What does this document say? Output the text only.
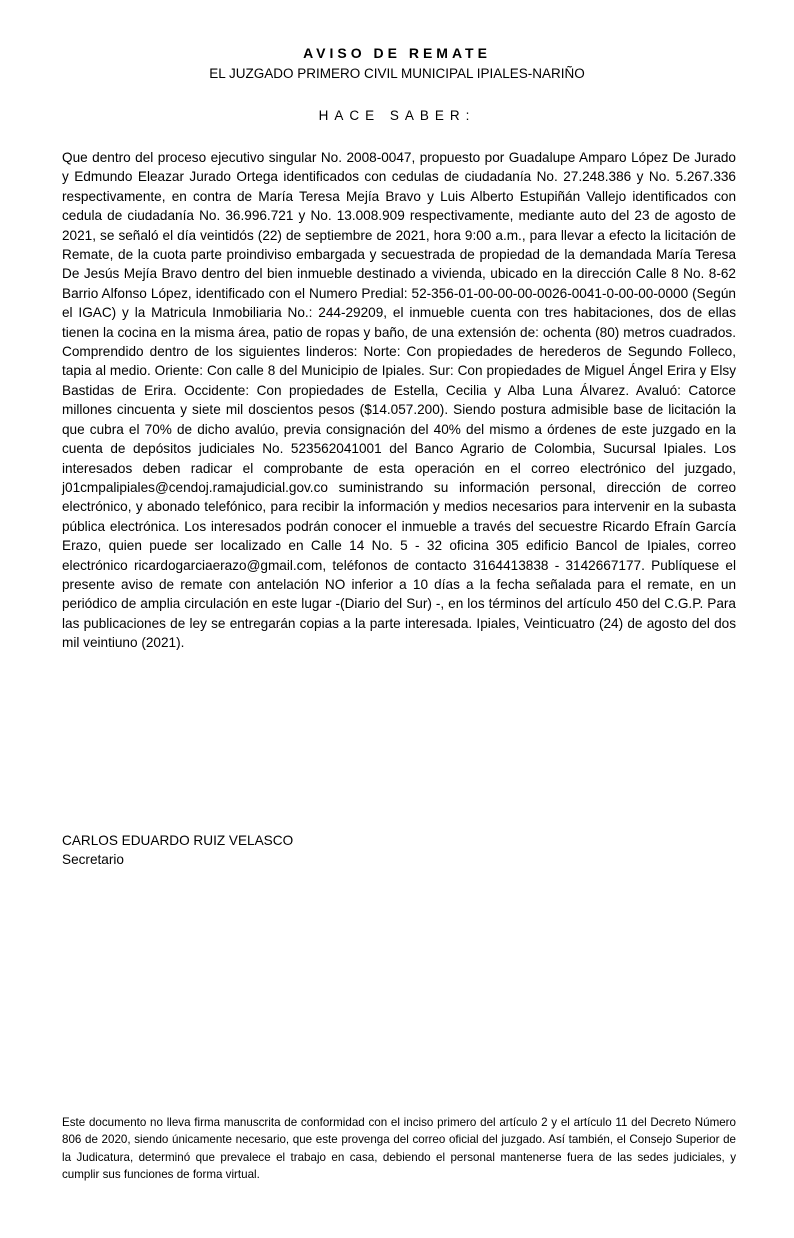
AVISO DE REMATE
EL JUZGADO PRIMERO CIVIL MUNICIPAL IPIALES-NARIÑO
HACE SABER:

Que dentro del proceso ejecutivo singular No. 2008-0047, propuesto por Guadalupe Amparo López De Jurado y Edmundo Eleazar Jurado Ortega identificados con cedulas de ciudadanía No. 27.248.386 y No. 5.267.336 respectivamente, en contra de María Teresa Mejía Bravo y Luis Alberto Estupiñán Vallejo identificados con cedula de ciudadanía No. 36.996.721 y No. 13.008.909 respectivamente, mediante auto del 23 de agosto de 2021, se señaló el día veintidós (22) de septiembre de 2021, hora 9:00 a.m., para llevar a efecto la licitación de Remate, de la cuota parte proindiviso embargada y secuestrada de propiedad de la demandada María Teresa De Jesús Mejía Bravo dentro del bien inmueble destinado a vivienda, ubicado en la dirección Calle 8 No. 8-62 Barrio Alfonso López, identificado con el Numero Predial: 52-356-01-00-00-00-0026-0041-0-00-00-0000 (Según el IGAC) y la Matricula Inmobiliaria No.: 244-29209, el inmueble cuenta con tres habitaciones, dos de ellas tienen la cocina en la misma área, patio de ropas y baño, de una extensión de: ochenta (80) metros cuadrados. Comprendido dentro de los siguientes linderos: Norte: Con propiedades de herederos de Segundo Folleco, tapia al medio. Oriente: Con calle 8 del Municipio de Ipiales. Sur: Con propiedades de Miguel Ángel Erira y Elsy Bastidas de Erira. Occidente: Con propiedades de Estella, Cecilia y Alba Luna Álvarez. Avaluó: Catorce millones cincuenta y siete mil doscientos pesos ($14.057.200). Siendo postura admisible base de licitación la que cubra el 70% de dicho avalúo, previa consignación del 40% del mismo a órdenes de este juzgado en la cuenta de depósitos judiciales No. 523562041001 del Banco Agrario de Colombia, Sucursal Ipiales. Los interesados deben radicar el comprobante de esta operación en el correo electrónico del juzgado, j01cmpalipiales@cendoj.ramajudicial.gov.co suministrando su información personal, dirección de correo electrónico, y abonado telefónico, para recibir la información y medios necesarios para intervenir en la subasta pública electrónica. Los interesados podrán conocer el inmueble a través del secuestre Ricardo Efraín García Erazo, quien puede ser localizado en Calle 14 No. 5 - 32 oficina 305 edificio Bancol de Ipiales, correo electrónico ricardogarciaerazo@gmail.com, teléfonos de contacto 3164413838 - 3142667177. Publíquese el presente aviso de remate con antelación NO inferior a 10 días a la fecha señalada para el remate, en un periódico de amplia circulación en este lugar -(Diario del Sur) -, en los términos del artículo 450 del C.G.P. Para las publicaciones de ley se entregarán copias a la parte interesada. Ipiales, Veinticuatro (24) de agosto del dos mil veintiuno (2021).

CARLOS EDUARDO RUIZ VELASCO
Secretario

Este documento no lleva firma manuscrita de conformidad con el inciso primero del artículo 2 y el artículo 11 del Decreto Número 806 de 2020, siendo únicamente necesario, que este provenga del correo oficial del juzgado. Así también, el Consejo Superior de la Judicatura, determinó que prevalece el trabajo en casa, debiendo el personal mantenerse fuera de las sedes judiciales, y cumplir sus funciones de forma virtual.
